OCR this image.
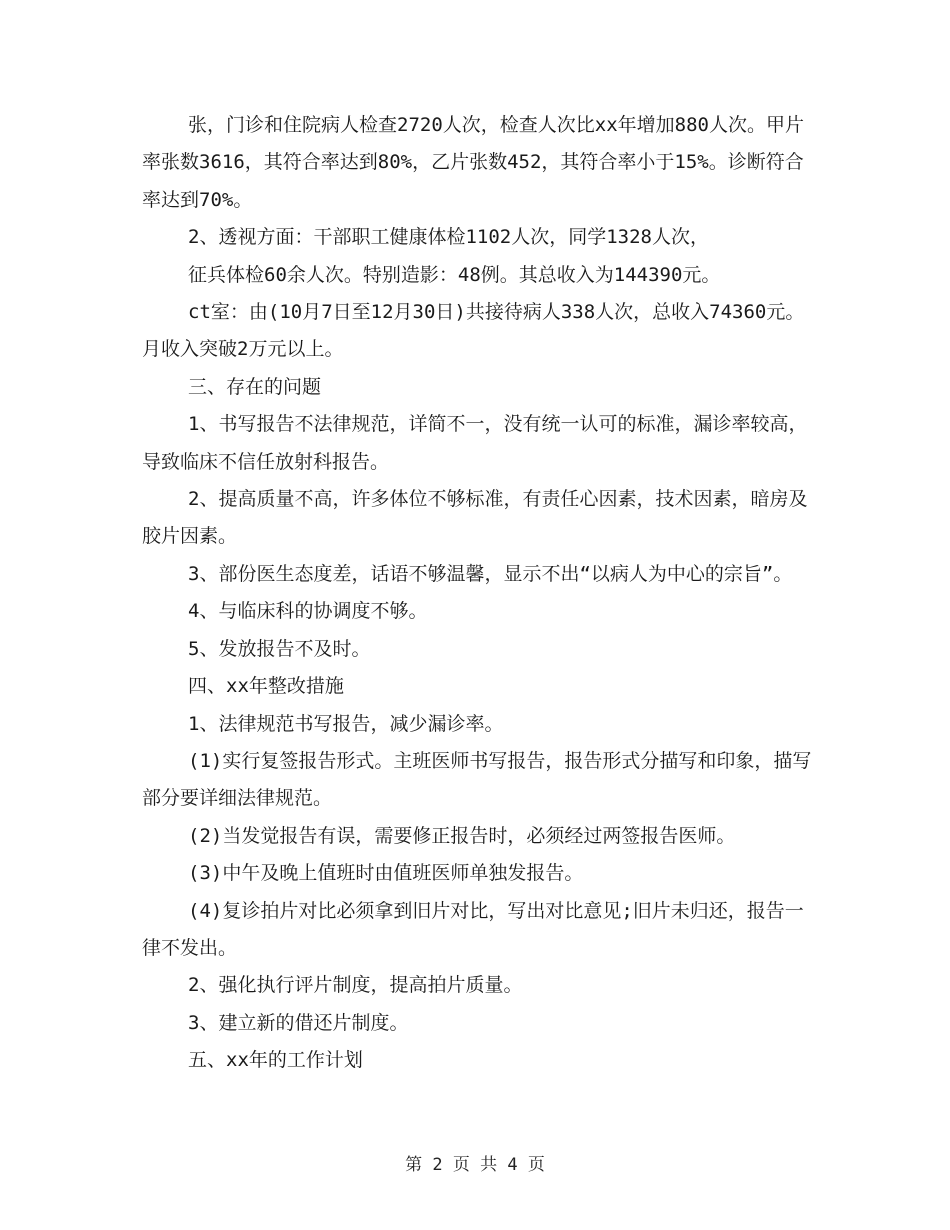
张，门诊和住院病人检查2720人次，检查人次比xx年增加880人次。甲片率张数3616，其符合率达到80%，乙片张数452，其符合率小于15%。诊断符合率达到70%。

2、透视方面：干部职工健康体检1102人次，同学1328人次，

征兵体检60余人次。特别造影：48例。其总收入为144390元。

ct室：由(10月7日至12月30日)共接待病人338人次，总收入74360元。月收入突破2万元以上。

三、存在的问题

1、书写报告不法律规范，详简不一，没有统一认可的标准，漏诊率较高，导致临床不信任放射科报告。

2、提高质量不高，许多体位不够标准，有责任心因素，技术因素，暗房及胶片因素。

3、部份医生态度差，话语不够温馨，显示不出“以病人为中心的宗旨”。

4、与临床科的协调度不够。

5、发放报告不及时。

四、xx年整改措施

1、法律规范书写报告，减少漏诊率。

(1)实行复签报告形式。主班医师书写报告，报告形式分描写和印象，描写部分要详细法律规范。

(2)当发觉报告有误，需要修正报告时，必须经过两签报告医师。

(3)中午及晚上值班时由值班医师单独发报告。

(4)复诊拍片对比必须拿到旧片对比，写出对比意见;旧片未归还，报告一律不发出。

2、强化执行评片制度，提高拍片质量。

3、建立新的借还片制度。

五、xx年的工作计划

第 2 页 共 4 页
